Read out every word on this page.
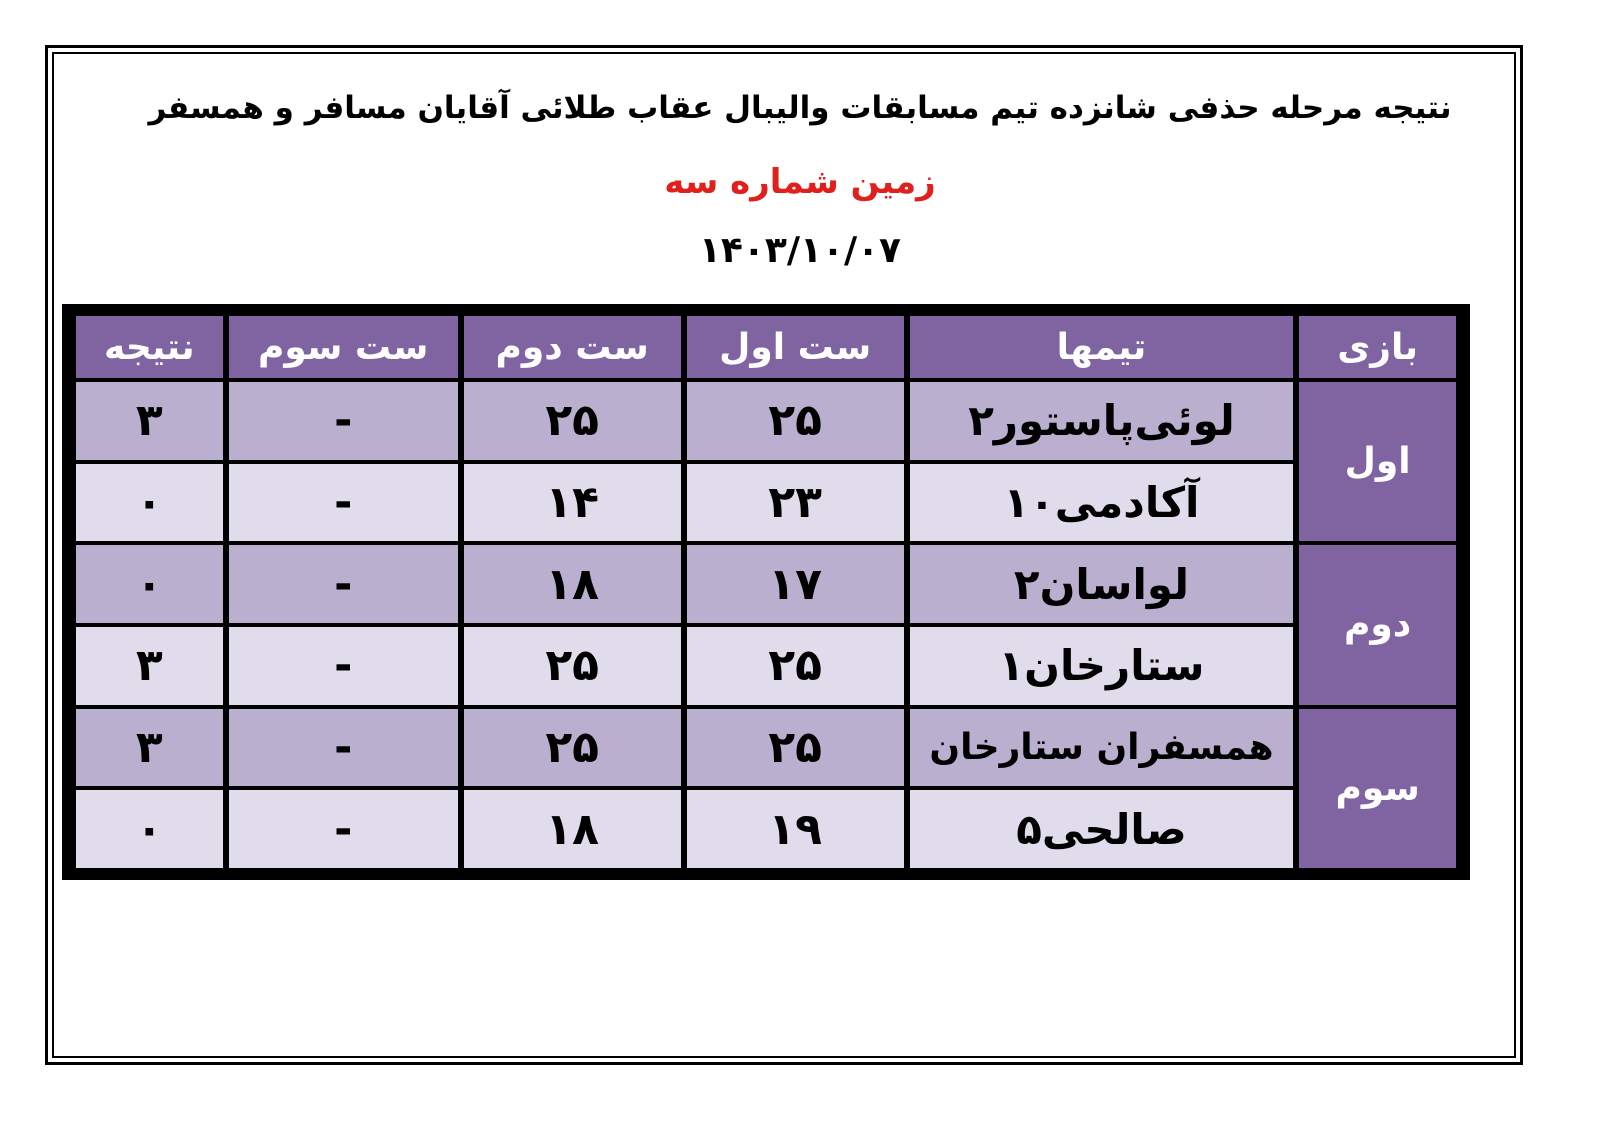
نتیجه مرحله حذفی شانزده تیم مسابقات والیبال عقاب طلائی آقایان مسافر و همسفر
زمین شماره سه
۱۴۰۳/۱۰/۰۷
بازی	تیمها	ست اول	ست دوم	ست سوم	نتیجه
اول	لوئی‌پاستور۲	۲۵	۲۵	-	۳
	آکادمی۱۰	۲۳	۱۴	-	۰
دوم	لواسان۲	۱۷	۱۸	-	۰
	ستارخان۱	۲۵	۲۵	-	۳
سوم	همسفران ستارخان	۲۵	۲۵	-	۳
	صالحی۵	۱۹	۱۸	-	۰
